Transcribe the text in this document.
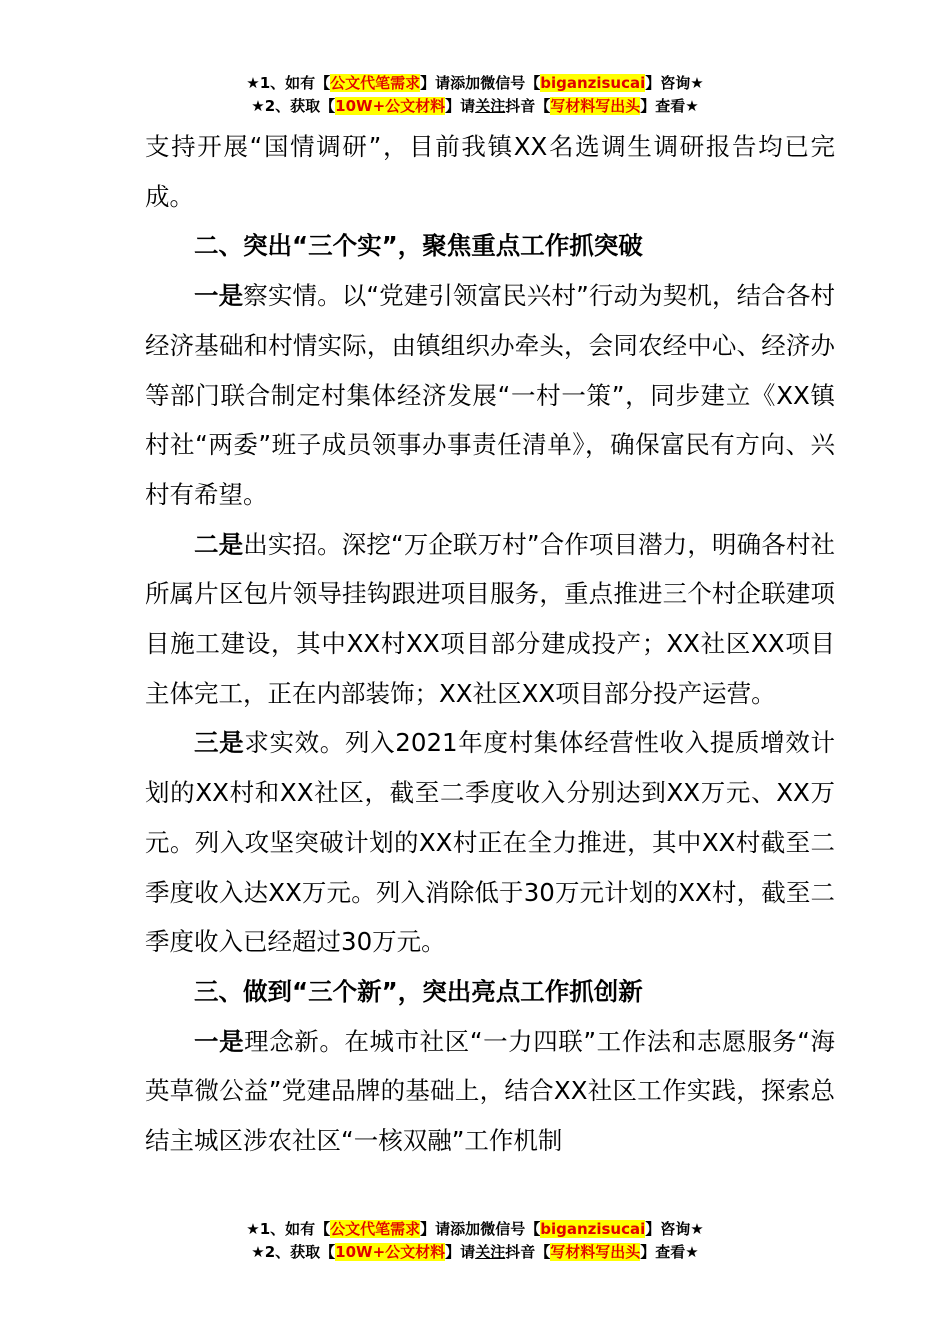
★1、如有【公文代笔需求】请添加微信号【biganzisucai】咨询★
★2、获取【10W+公文材料】请关注抖音【写材料写出头】查看★

支持开展“国情调研”，目前我镇XX名选调生调研报告均已完成。

二、突出“三个实”，聚焦重点工作抓突破

一是察实情。以“党建引领富民兴村”行动为契机，结合各村经济基础和村情实际，由镇组织办牵头，会同农经中心、经济办等部门联合制定村集体经济发展“一村一策”，同步建立《XX镇村社“两委”班子成员领事办事责任清单》，确保富民有方向、兴村有希望。

二是出实招。深挖“万企联万村”合作项目潜力，明确各村社所属片区包片领导挂钩跟进项目服务，重点推进三个村企联建项目施工建设，其中XX村XX项目部分建成投产；XX社区XX项目主体完工，正在内部装饰；XX社区XX项目部分投产运营。

三是求实效。列入2021年度村集体经营性收入提质增效计划的XX村和XX社区，截至二季度收入分别达到XX万元、XX万元。列入攻坚突破计划的XX村正在全力推进，其中XX村截至二季度收入达XX万元。列入消除低于30万元计划的XX村，截至二季度收入已经超过30万元。

三、做到“三个新”，突出亮点工作抓创新

一是理念新。在城市社区“一力四联”工作法和志愿服务“海英草微公益”党建品牌的基础上，结合XX社区工作实践，探索总结主城区涉农社区“一核双融”工作机制

★1、如有【公文代笔需求】请添加微信号【biganzisucai】咨询★
★2、获取【10W+公文材料】请关注抖音【写材料写出头】查看★
